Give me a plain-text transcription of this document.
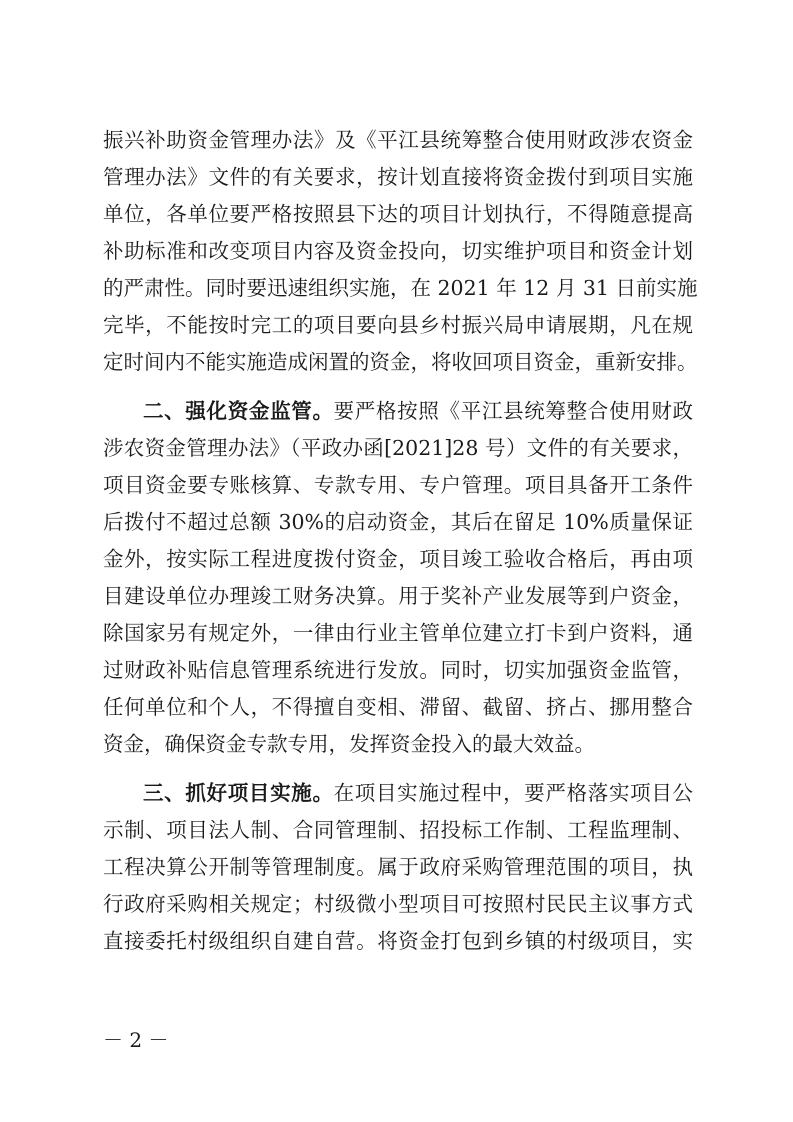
振兴补助资金管理办法》及《平江县统筹整合使用财政涉农资金
管理办法》文件的有关要求，按计划直接将资金拨付到项目实施
单位，各单位要严格按照县下达的项目计划执行，不得随意提高
补助标准和改变项目内容及资金投向，切实维护项目和资金计划
的严肃性。同时要迅速组织实施，在 2021 年 12 月 31 日前实施
完毕，不能按时完工的项目要向县乡村振兴局申请展期，凡在规
定时间内不能实施造成闲置的资金，将收回项目资金，重新安排。
二、强化资金监管。要严格按照《平江县统筹整合使用财政
涉农资金管理办法》（平政办函[2021]28 号）文件的有关要求，
项目资金要专账核算、专款专用、专户管理。项目具备开工条件
后拨付不超过总额 30%的启动资金，其后在留足 10%质量保证
金外，按实际工程进度拨付资金，项目竣工验收合格后，再由项
目建设单位办理竣工财务决算。用于奖补产业发展等到户资金，
除国家另有规定外，一律由行业主管单位建立打卡到户资料，通
过财政补贴信息管理系统进行发放。同时，切实加强资金监管，
任何单位和个人，不得擅自变相、滞留、截留、挤占、挪用整合
资金，确保资金专款专用，发挥资金投入的最大效益。
三、抓好项目实施。在项目实施过程中，要严格落实项目公
示制、项目法人制、合同管理制、招投标工作制、工程监理制、
工程决算公开制等管理制度。属于政府采购管理范围的项目，执
行政府采购相关规定；村级微小型项目可按照村民民主议事方式
直接委托村级组织自建自营。将资金打包到乡镇的村级项目，实
－ 2 －
